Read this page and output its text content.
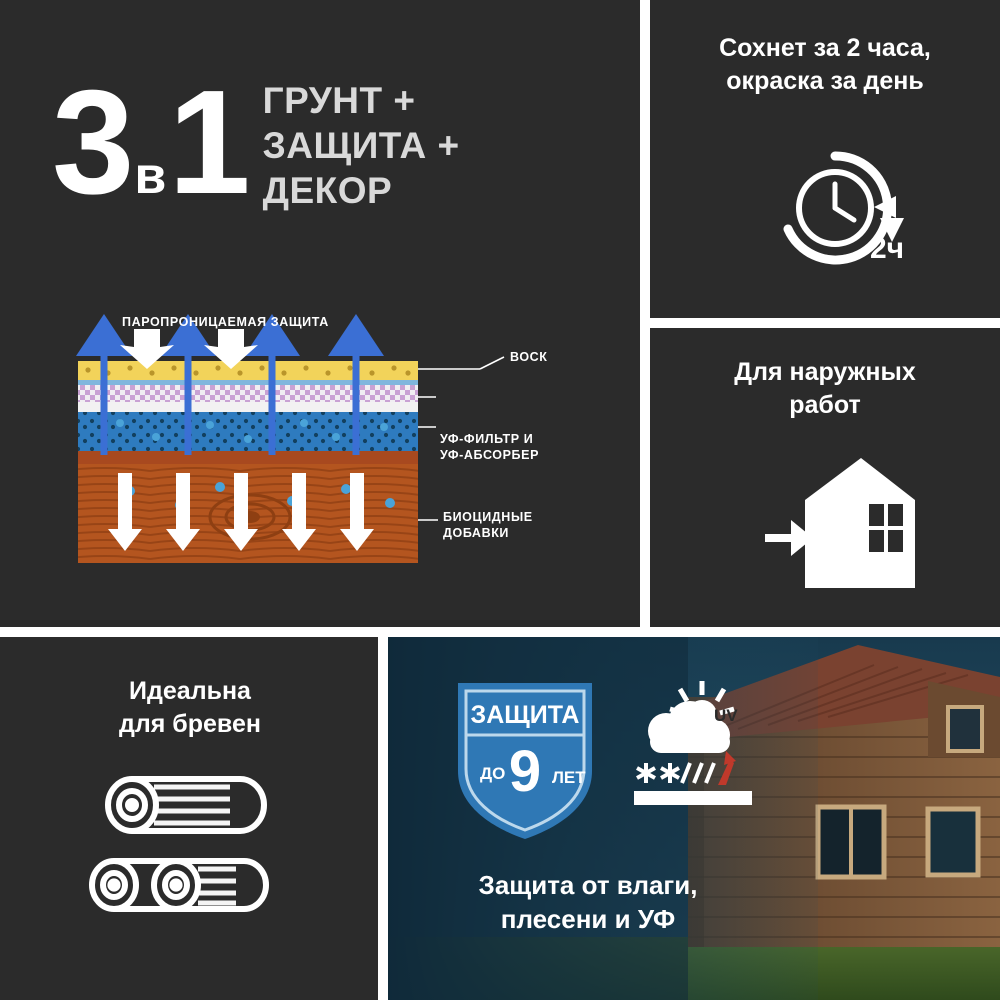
3 в 1 ГРУНТ +
ЗАЩИТА +
ДЕКОР
ПАРОПРОНИЦАЕМАЯ ЗАЩИТА
ВОСК
УФ-ФИЛЬТР И
УФ-АБСОРБЕР
БИОЦИДНЫЕ
ДОБАВКИ
Сохнет за 2 часа,
окраска за день
2ч
Для наружных
работ
Идеальна
для бревен	ЗАЩИТА
ДО 9 ЛЕТ
UV
Защита от влаги,
плесени и УФ
